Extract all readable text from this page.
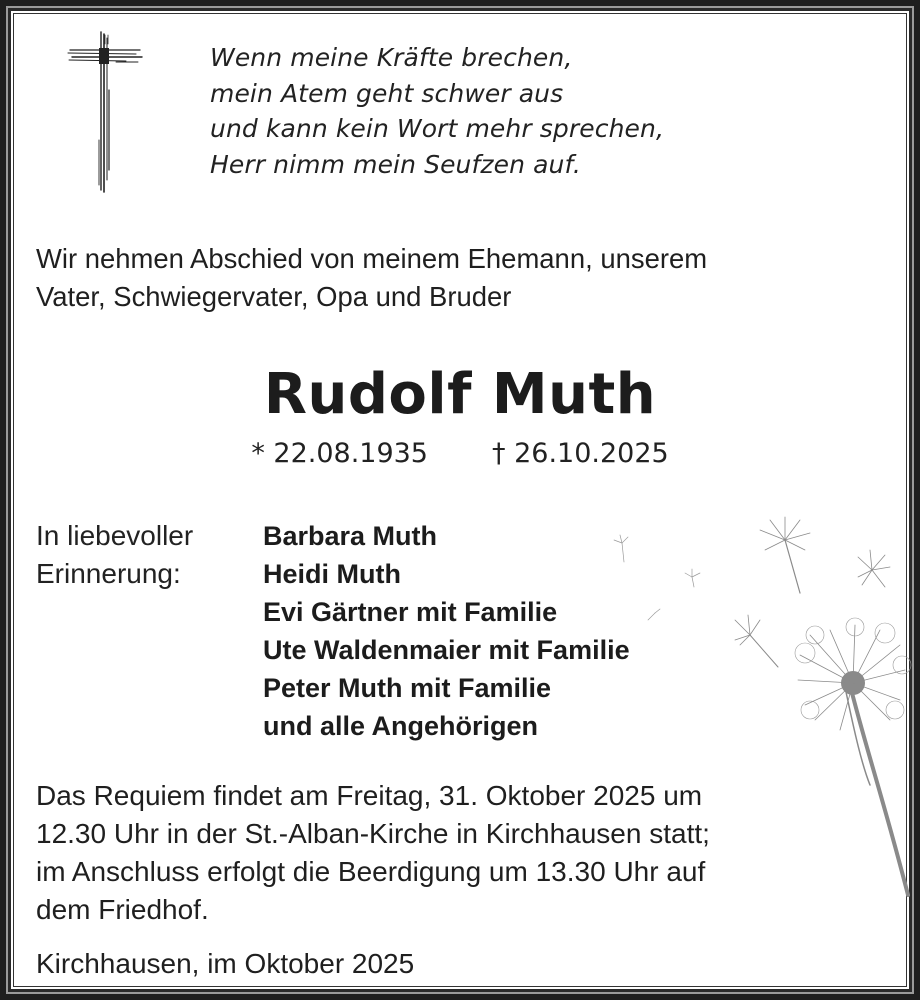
Wenn meine Kräfte brechen,
mein Atem geht schwer aus
und kann kein Wort mehr sprechen,
Herr nimm mein Seufzen auf.
Wir nehmen Abschied von meinem Ehemann, unserem
Vater, Schwiegervater, Opa und Bruder
Rudolf Muth
* 22.08.1935 † 26.10.2025
In liebevoller
Erinnerung:
Barbara Muth
Heidi Muth
Evi Gärtner mit Familie
Ute Waldenmaier mit Familie
Peter Muth mit Familie
und alle Angehörigen
Das Requiem findet am Freitag, 31. Oktober 2025 um
12.30 Uhr in der St.-Alban-Kirche in Kirchhausen statt;
im Anschluss erfolgt die Beerdigung um 13.30 Uhr auf
dem Friedhof.
Kirchhausen, im Oktober 2025
